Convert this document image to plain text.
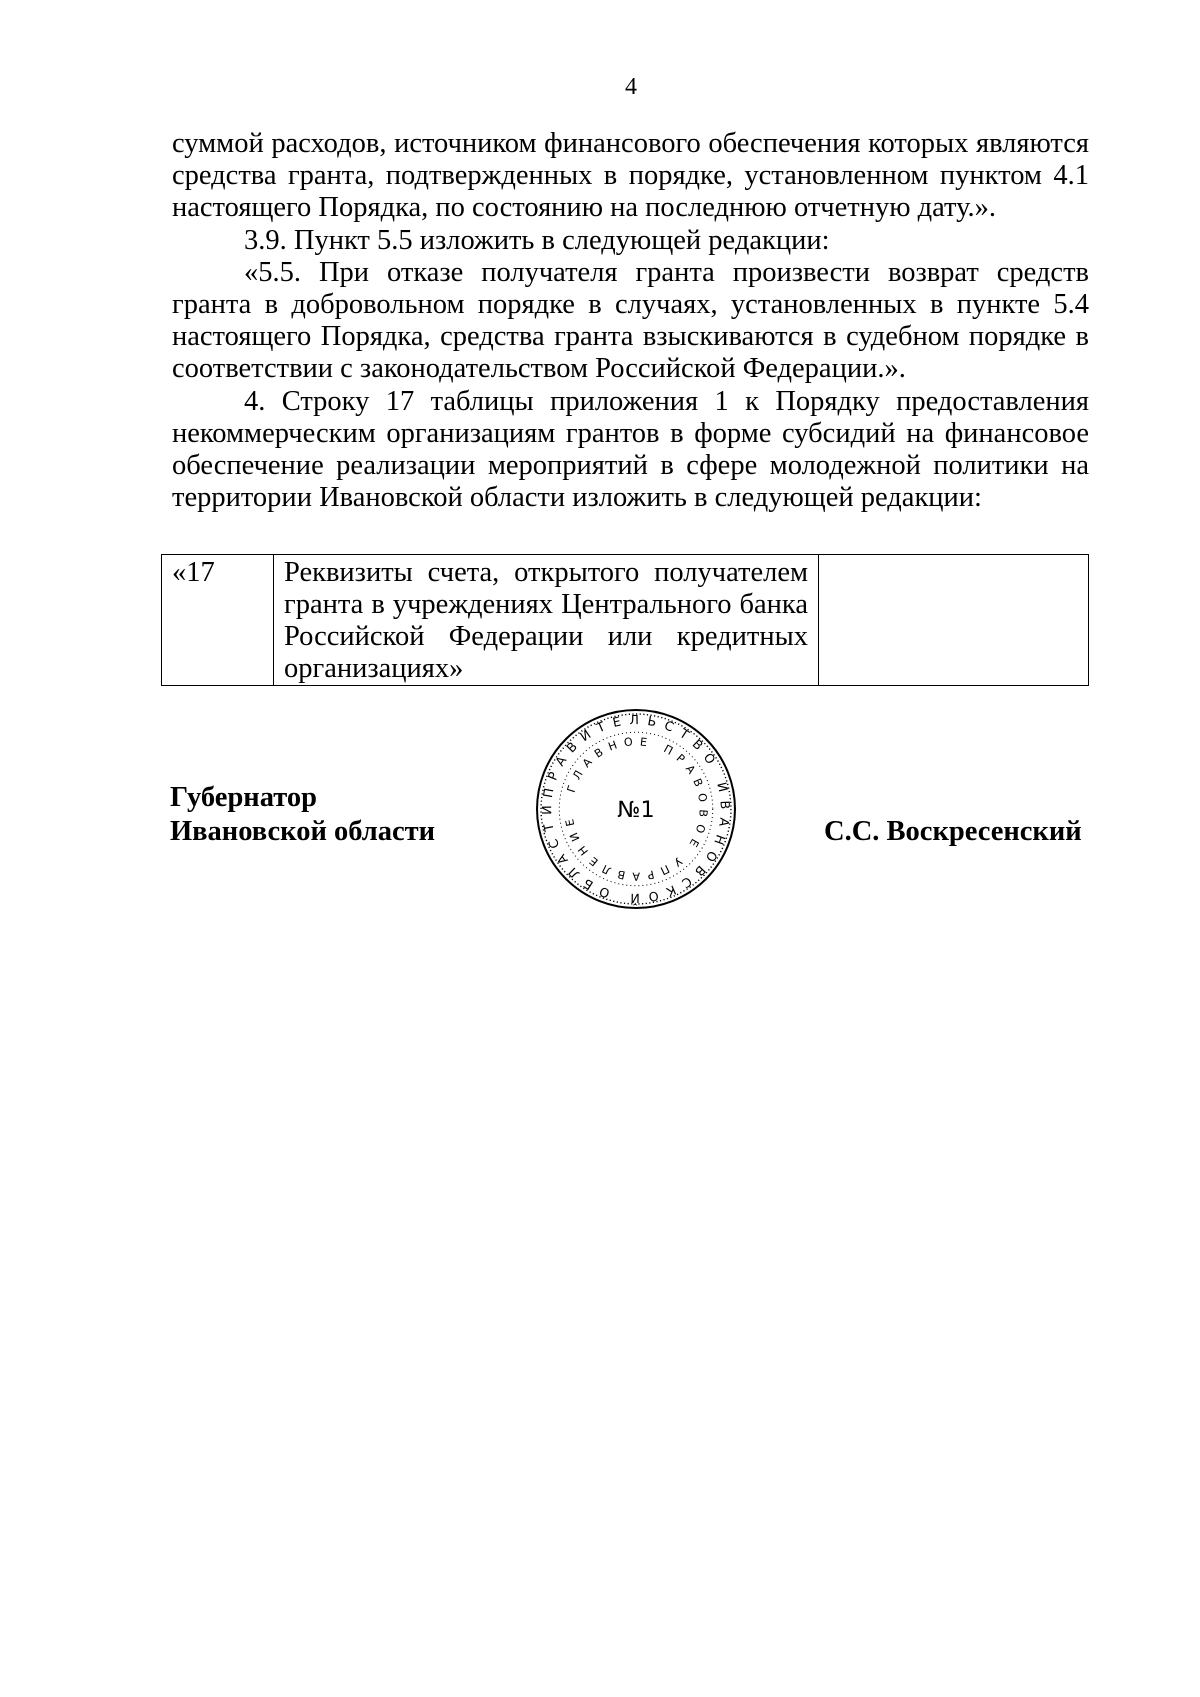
4

суммой расходов, источником финансового обеспечения которых являются средства гранта, подтвержденных в порядке, установленном пунктом 4.1 настоящего Порядка, по состоянию на последнюю отчетную дату.».

3.9. Пункт 5.5 изложить в следующей редакции:

«5.5. При отказе получателя гранта произвести возврат средств гранта в добровольном порядке в случаях, установленных в пункте 5.4 настоящего Порядка, средства гранта взыскиваются в судебном порядке в соответствии с законодательством Российской Федерации.».

4. Строку 17 таблицы приложения 1 к Порядку предоставления некоммерческим организациям грантов в форме субсидий на финансовое обеспечение реализации мероприятий в сфере молодежной политики на территории Ивановской области изложить в следующей редакции:

«17	Реквизиты счета, открытого получателем гранта в учреждениях Центрального банка Российской Федерации или кредитных организациях»	
Губернатор
Ивановской области	С.С. Воскресенский
ПРАВИТЕЛЬСТВО ИВАНОВСКОЙ ОБЛАСТИ
ГЛАВНОЕ ПРАВОВОЕ УПРАВЛЕНИЕ	№1
